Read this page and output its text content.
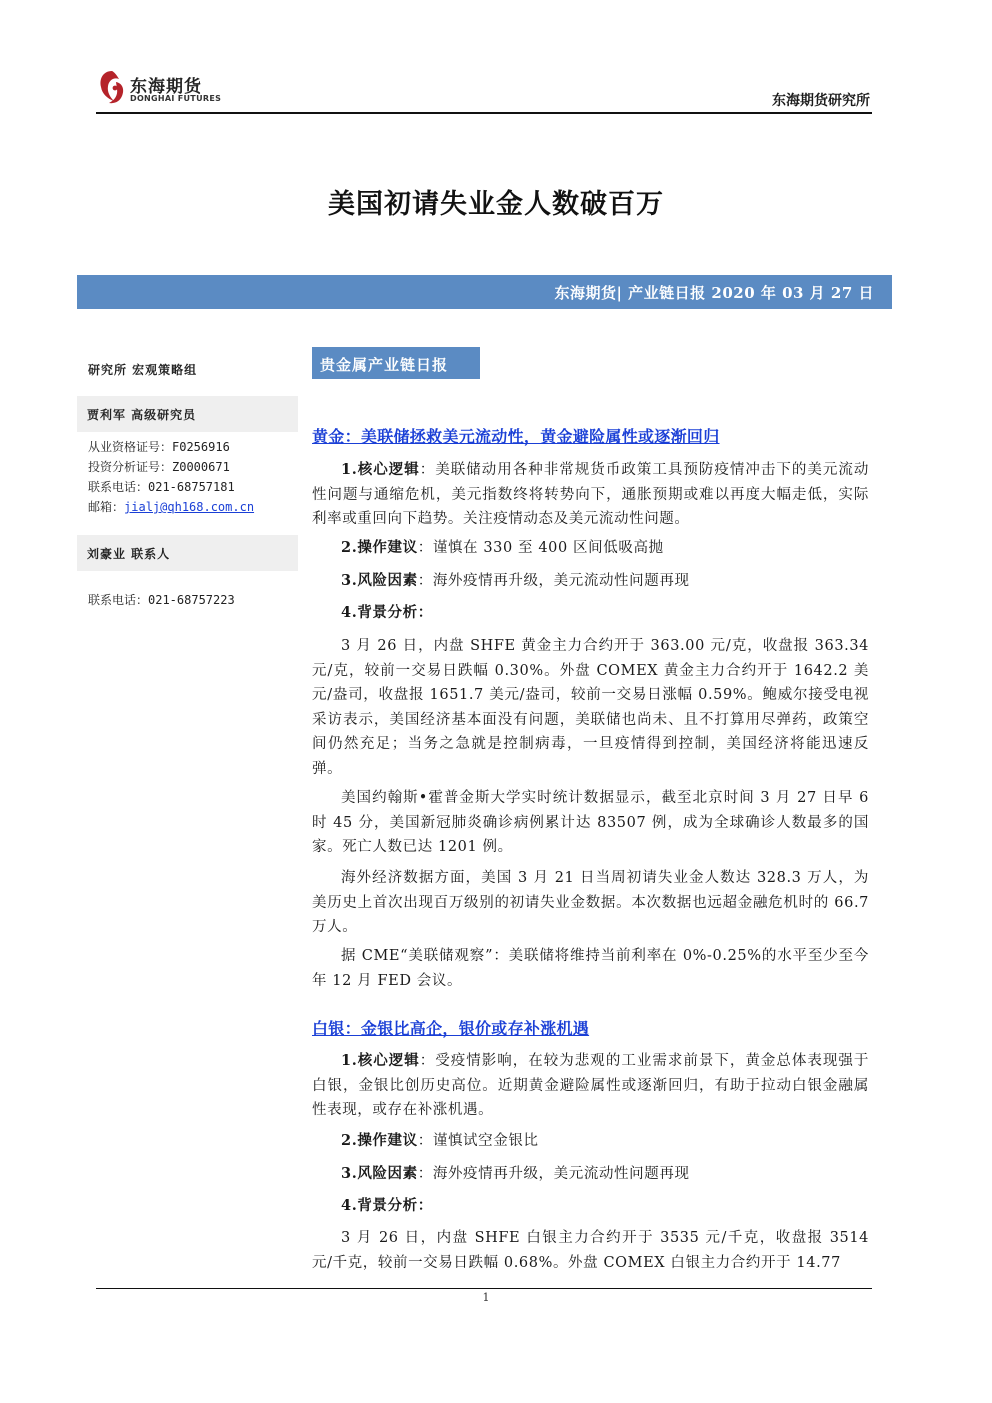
东海期货
DONGHAI FUTURES	东海期货研究所
美国初请失业金人数破百万
东海期货| 产业链日报 2020 年 03 月 27 日
研究所 宏观策略组
贾利军 高级研究员
从业资格证号：F0256916
投资分析证号：Z0000671
联系电话：021-68757181
邮箱：jialj@qh168.com.cn
刘豪业 联系人
联系电话：021-68757223
贵金属产业链日报
黄金：美联储拯救美元流动性，黄金避险属性或逐渐回归
1.核心逻辑：美联储动用各种非常规货币政策工具预防疫情冲击下的美元流动性问题与通缩危机，美元指数终将转势向下，通胀预期或难以再度大幅走低，实际利率或重回向下趋势。关注疫情动态及美元流动性问题。
2.操作建议：谨慎在 330 至 400 区间低吸高抛
3.风险因素：海外疫情再升级，美元流动性问题再现
4.背景分析：
3 月 26 日，内盘 SHFE 黄金主力合约开于 363.00 元/克，收盘报 363.34 元/克，较前一交易日跌幅 0.30%。外盘 COMEX 黄金主力合约开于 1642.2 美元/盎司，收盘报 1651.7 美元/盎司，较前一交易日涨幅 0.59%。鲍威尔接受电视采访表示，美国经济基本面没有问题，美联储也尚未、且不打算用尽弹药，政策空间仍然充足；当务之急就是控制病毒，一旦疫情得到控制，美国经济将能迅速反弹。
美国约翰斯•霍普金斯大学实时统计数据显示，截至北京时间 3 月 27 日早 6 时 45 分，美国新冠肺炎确诊病例累计达 83507 例，成为全球确诊人数最多的国家。死亡人数已达 1201 例。
海外经济数据方面，美国 3 月 21 日当周初请失业金人数达 328.3 万人，为美历史上首次出现百万级别的初请失业金数据。本次数据也远超金融危机时的 66.7 万人。
据 CME“美联储观察”：美联储将维持当前利率在 0%-0.25%的水平至少至今年 12 月 FED 会议。
白银：金银比高企，银价或存补涨机遇
1.核心逻辑：受疫情影响，在较为悲观的工业需求前景下，黄金总体表现强于白银，金银比创历史高位。近期黄金避险属性或逐渐回归，有助于拉动白银金融属性表现，或存在补涨机遇。
2.操作建议：谨慎试空金银比
3.风险因素：海外疫情再升级，美元流动性问题再现
4.背景分析：
3 月 26 日，内盘 SHFE 白银主力合约开于 3535 元/千克，收盘报 3514 元/千克，较前一交易日跌幅 0.68%。外盘 COMEX 白银主力合约开于 14.77
1
